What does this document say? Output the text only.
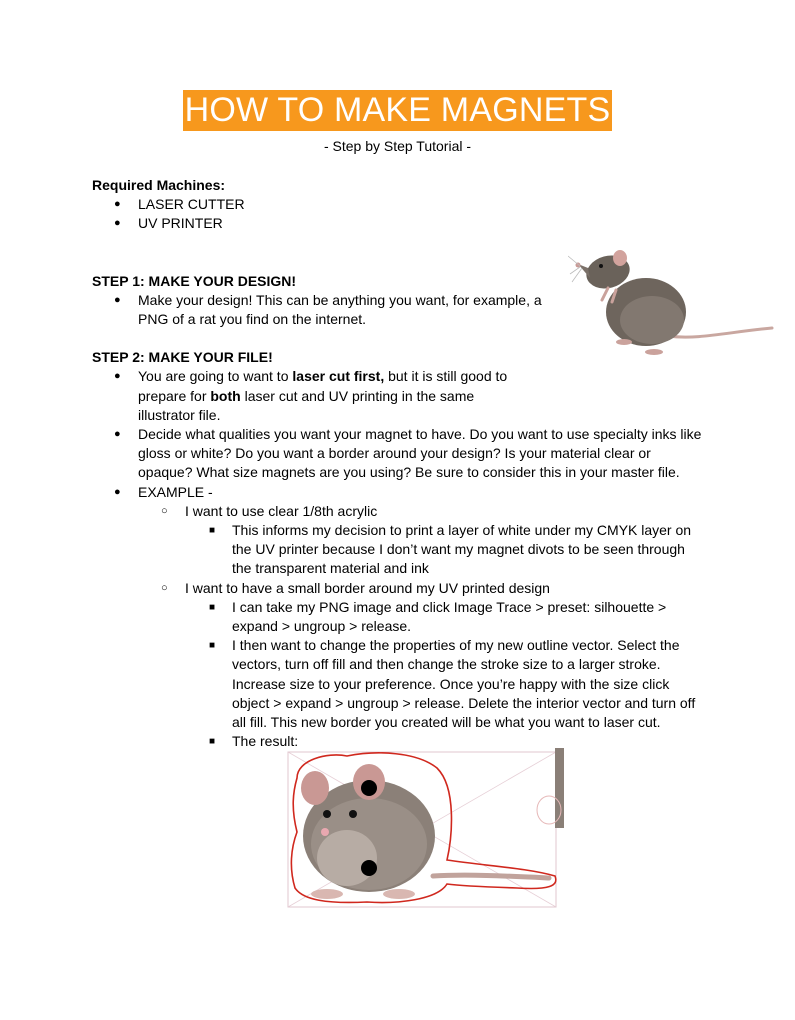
HOW TO MAKE MAGNETS
- Step by Step Tutorial -

Required Machines:

● LASER CUTTER
● UV PRINTER

STEP 1: MAKE YOUR DESIGN!

● Make your design! This can be anything you want, for example, a PNG of a rat you find on the internet.

STEP 2: MAKE YOUR FILE!

● You are going to want to laser cut first, but it is still good to prepare for both laser cut and UV printing in the same illustrator file.
● Decide what qualities you want your magnet to have. Do you want to use specialty inks like gloss or white? Do you want a border around your design? Is your material clear or opaque? What size magnets are you using? Be sure to consider this in your master file.
● EXAMPLE -
○ I want to use clear 1/8th acrylic
■ This informs my decision to print a layer of white under my CMYK layer on the UV printer because I don’t want my magnet divots to be seen through the transparent material and ink
○ I want to have a small border around my UV printed design
■ I can take my PNG image and click Image Trace > preset: silhouette > expand > ungroup > release.
■ I then want to change the properties of my new outline vector. Select the vectors, turn off fill and then change the stroke size to a larger stroke. Increase size to your preference. Once you’re happy with the size click object > expand > ungroup > release. Delete the interior vector and turn off all fill. This new border you created will be what you want to laser cut.
■ The result:
